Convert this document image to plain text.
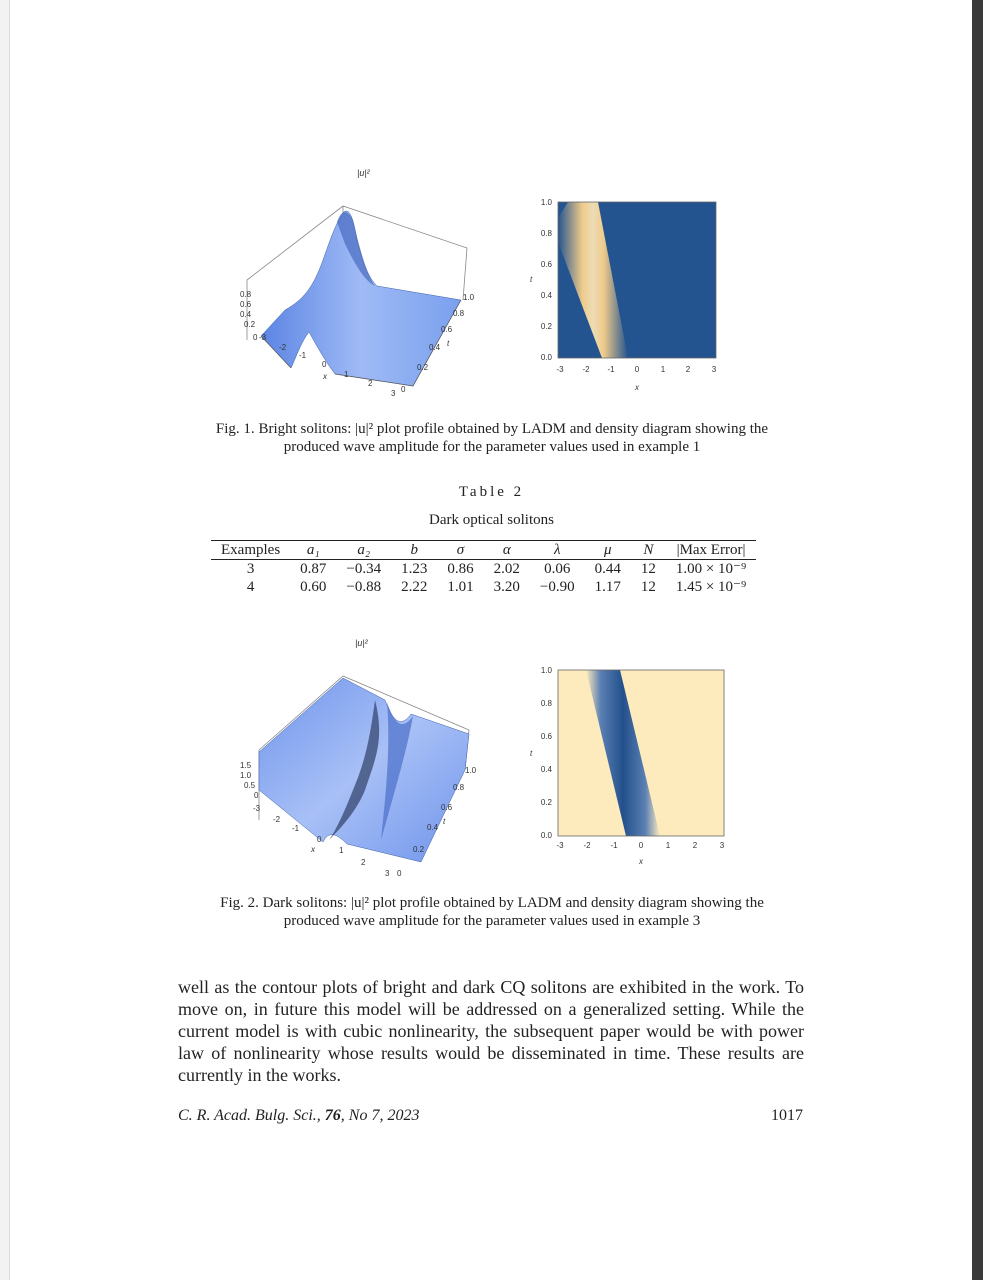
|u|²
0.8
0.6
0.4
0.2
0 -3
-2
-1
0
1
2
3
x
0
0.2
0.4
0.6
0.8
1.0
t
1.0
0.8
0.6
0.4
0.2
0.0
t
-3 -2 -1	0	1	2	3
x
Fig. 1. Bright solitons: |u|² plot profile obtained by LADM and density diagram showing the produced wave amplitude for the parameter values used in example 1
Table 2
Dark optical solitons
Examples	a₁	a₂	b	σ	α	λ	μ	N	|Max Error|
3	0.87	−0.34	1.23	0.86	2.02	0.06	0.44	12	1.00 × 10⁻⁹
4	0.60	−0.88	2.22	1.01	3.20	−0.90	1.17	12	1.45 × 10⁻⁹
|u|²
1.5
1.0
0.5
0
-3
-2
-1
0
1
2
3
x
0
0.2
0.4
0.6
0.8
1.0
t
1.0
0.8
0.6
0.4
0.2
0.0
t
-3 -2 -1	0	1	2	3
x
Fig. 2. Dark solitons: |u|² plot profile obtained by LADM and density diagram showing the produced wave amplitude for the parameter values used in example 3
well as the contour plots of bright and dark CQ solitons are exhibited in the work. To move on, in future this model will be addressed on a generalized setting. While the current model is with cubic nonlinearity, the subsequent paper would be with power law of nonlinearity whose results would be disseminated in time. These results are currently in the works.
C. R. Acad. Bulg. Sci., 76, No 7, 2023	1017
